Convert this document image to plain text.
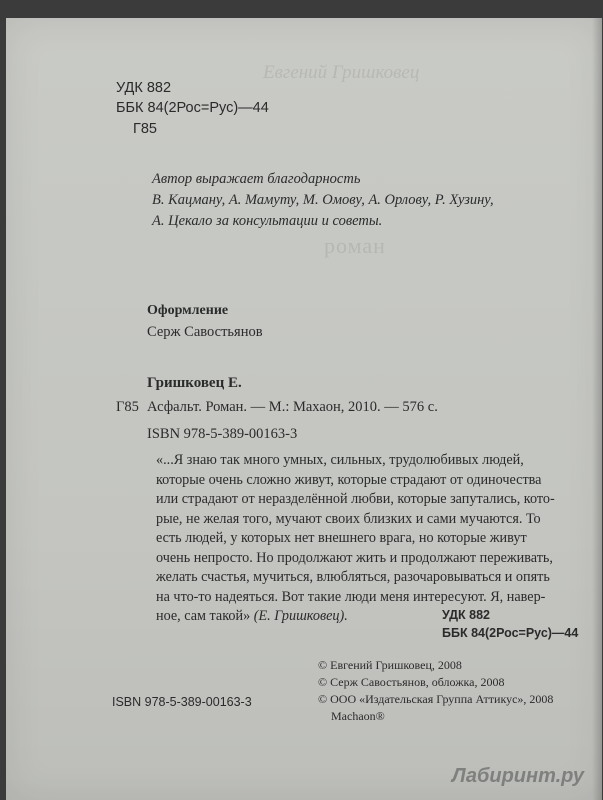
Евгений Гришковец
роман
УДК 882
ББК 84(2Рос=Рус)—44
Г85
Автор выражает благодарность
В. Кацману, А. Мамуту, М. Омову, А. Орлову, Р. Хузину,
А. Цекало за консультации и советы.
Оформление
Серж Савостьянов
Гришковец Е.
Г85 Асфальт. Роман. — М.: Махаон, 2010. — 576 с.
ISBN 978-5-389-00163-3
«...Я знаю так много умных, сильных, трудолюбивых людей,
которые очень сложно живут, которые страдают от одиночества
или страдают от неразделённой любви, которые запутались, кото-
рые, не желая того, мучают своих близких и сами мучаются. То
есть людей, у которых нет внешнего врага, но которые живут
очень непросто. Но продолжают жить и продолжают переживать,
желать счастья, мучиться, влюбляться, разочаровываться и опять
на что-то надеяться. Вот такие люди меня интересуют. Я, навер-
ное, сам такой» (Е. Гришковец).	УДК 882
ББК 84(2Рос=Рус)—44
ISBN 978-5-389-00163-3
© Евгений Гришковец, 2008
© Серж Савостьянов, обложка, 2008
© ООО «Издательская Группа Аттикус», 2008
Machaon®
Лабиринт.ру
